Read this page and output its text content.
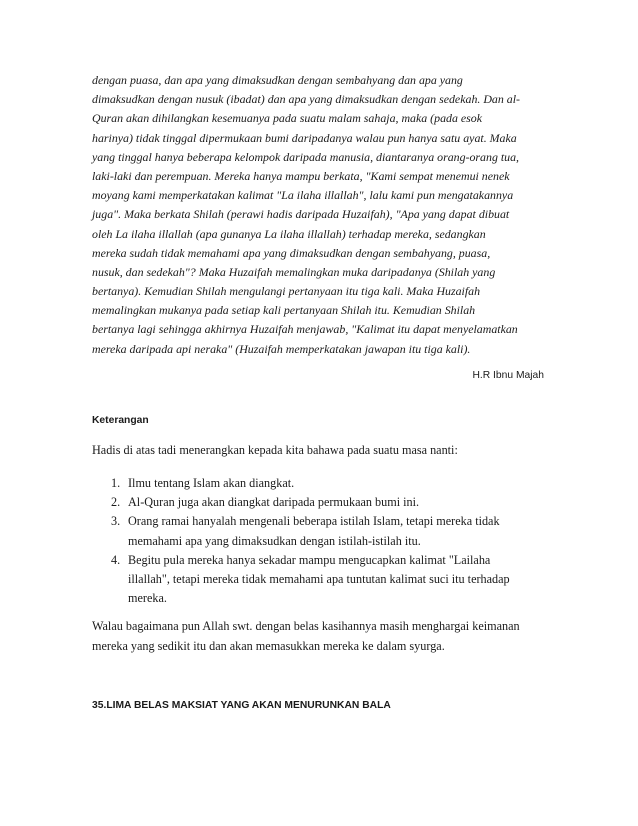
dengan puasa, dan apa yang dimaksudkan dengan sembahyang dan apa yang
dimaksudkan dengan nusuk (ibadat) dan apa yang dimaksudkan dengan sedekah. Dan al-
Quran akan dihilangkan kesemuanya pada suatu malam sahaja, maka (pada esok
harinya) tidak tinggal dipermukaan bumi daripadanya walau pun hanya satu ayat. Maka
yang tinggal hanya beberapa kelompok daripada manusia, diantaranya orang-orang tua,
laki-laki dan perempuan. Mereka hanya mampu berkata, "Kami sempat menemui nenek
moyang kami memperkatakan kalimat "La ilaha illallah", lalu kami pun mengatakannya
juga". Maka berkata Shilah (perawi hadis daripada Huzaifah), "Apa yang dapat dibuat
oleh La ilaha illallah (apa gunanya La ilaha illallah) terhadap mereka, sedangkan
mereka sudah tidak memahami apa yang dimaksudkan dengan sembahyang, puasa,
nusuk, dan sedekah"? Maka Huzaifah memalingkan muka daripadanya (Shilah yang
bertanya). Kemudian Shilah mengulangi pertanyaan itu tiga kali. Maka Huzaifah
memalingkan mukanya pada setiap kali pertanyaan Shilah itu. Kemudian Shilah
bertanya lagi sehingga akhirnya Huzaifah menjawab, "Kalimat itu dapat menyelamatkan
mereka daripada api neraka" (Huzaifah memperkatakan jawapan itu tiga kali).
H.R Ibnu Majah
Keterangan
Hadis di atas tadi menerangkan kepada kita bahawa pada suatu masa nanti:
1. Ilmu tentang Islam akan diangkat.
2. Al-Quran juga akan diangkat daripada permukaan bumi ini.
3. Orang ramai hanyalah mengenali beberapa istilah Islam, tetapi mereka tidak
memahami apa yang dimaksudkan dengan istilah-istilah itu.
4. Begitu pula mereka hanya sekadar mampu mengucapkan kalimat "Lailaha
illallah", tetapi mereka tidak memahami apa tuntutan kalimat suci itu terhadap
mereka.
Walau bagaimana pun Allah swt. dengan belas kasihannya masih menghargai keimanan
mereka yang sedikit itu dan akan memasukkan mereka ke dalam syurga.
35.LIMA BELAS MAKSIAT YANG AKAN MENURUNKAN BALA
